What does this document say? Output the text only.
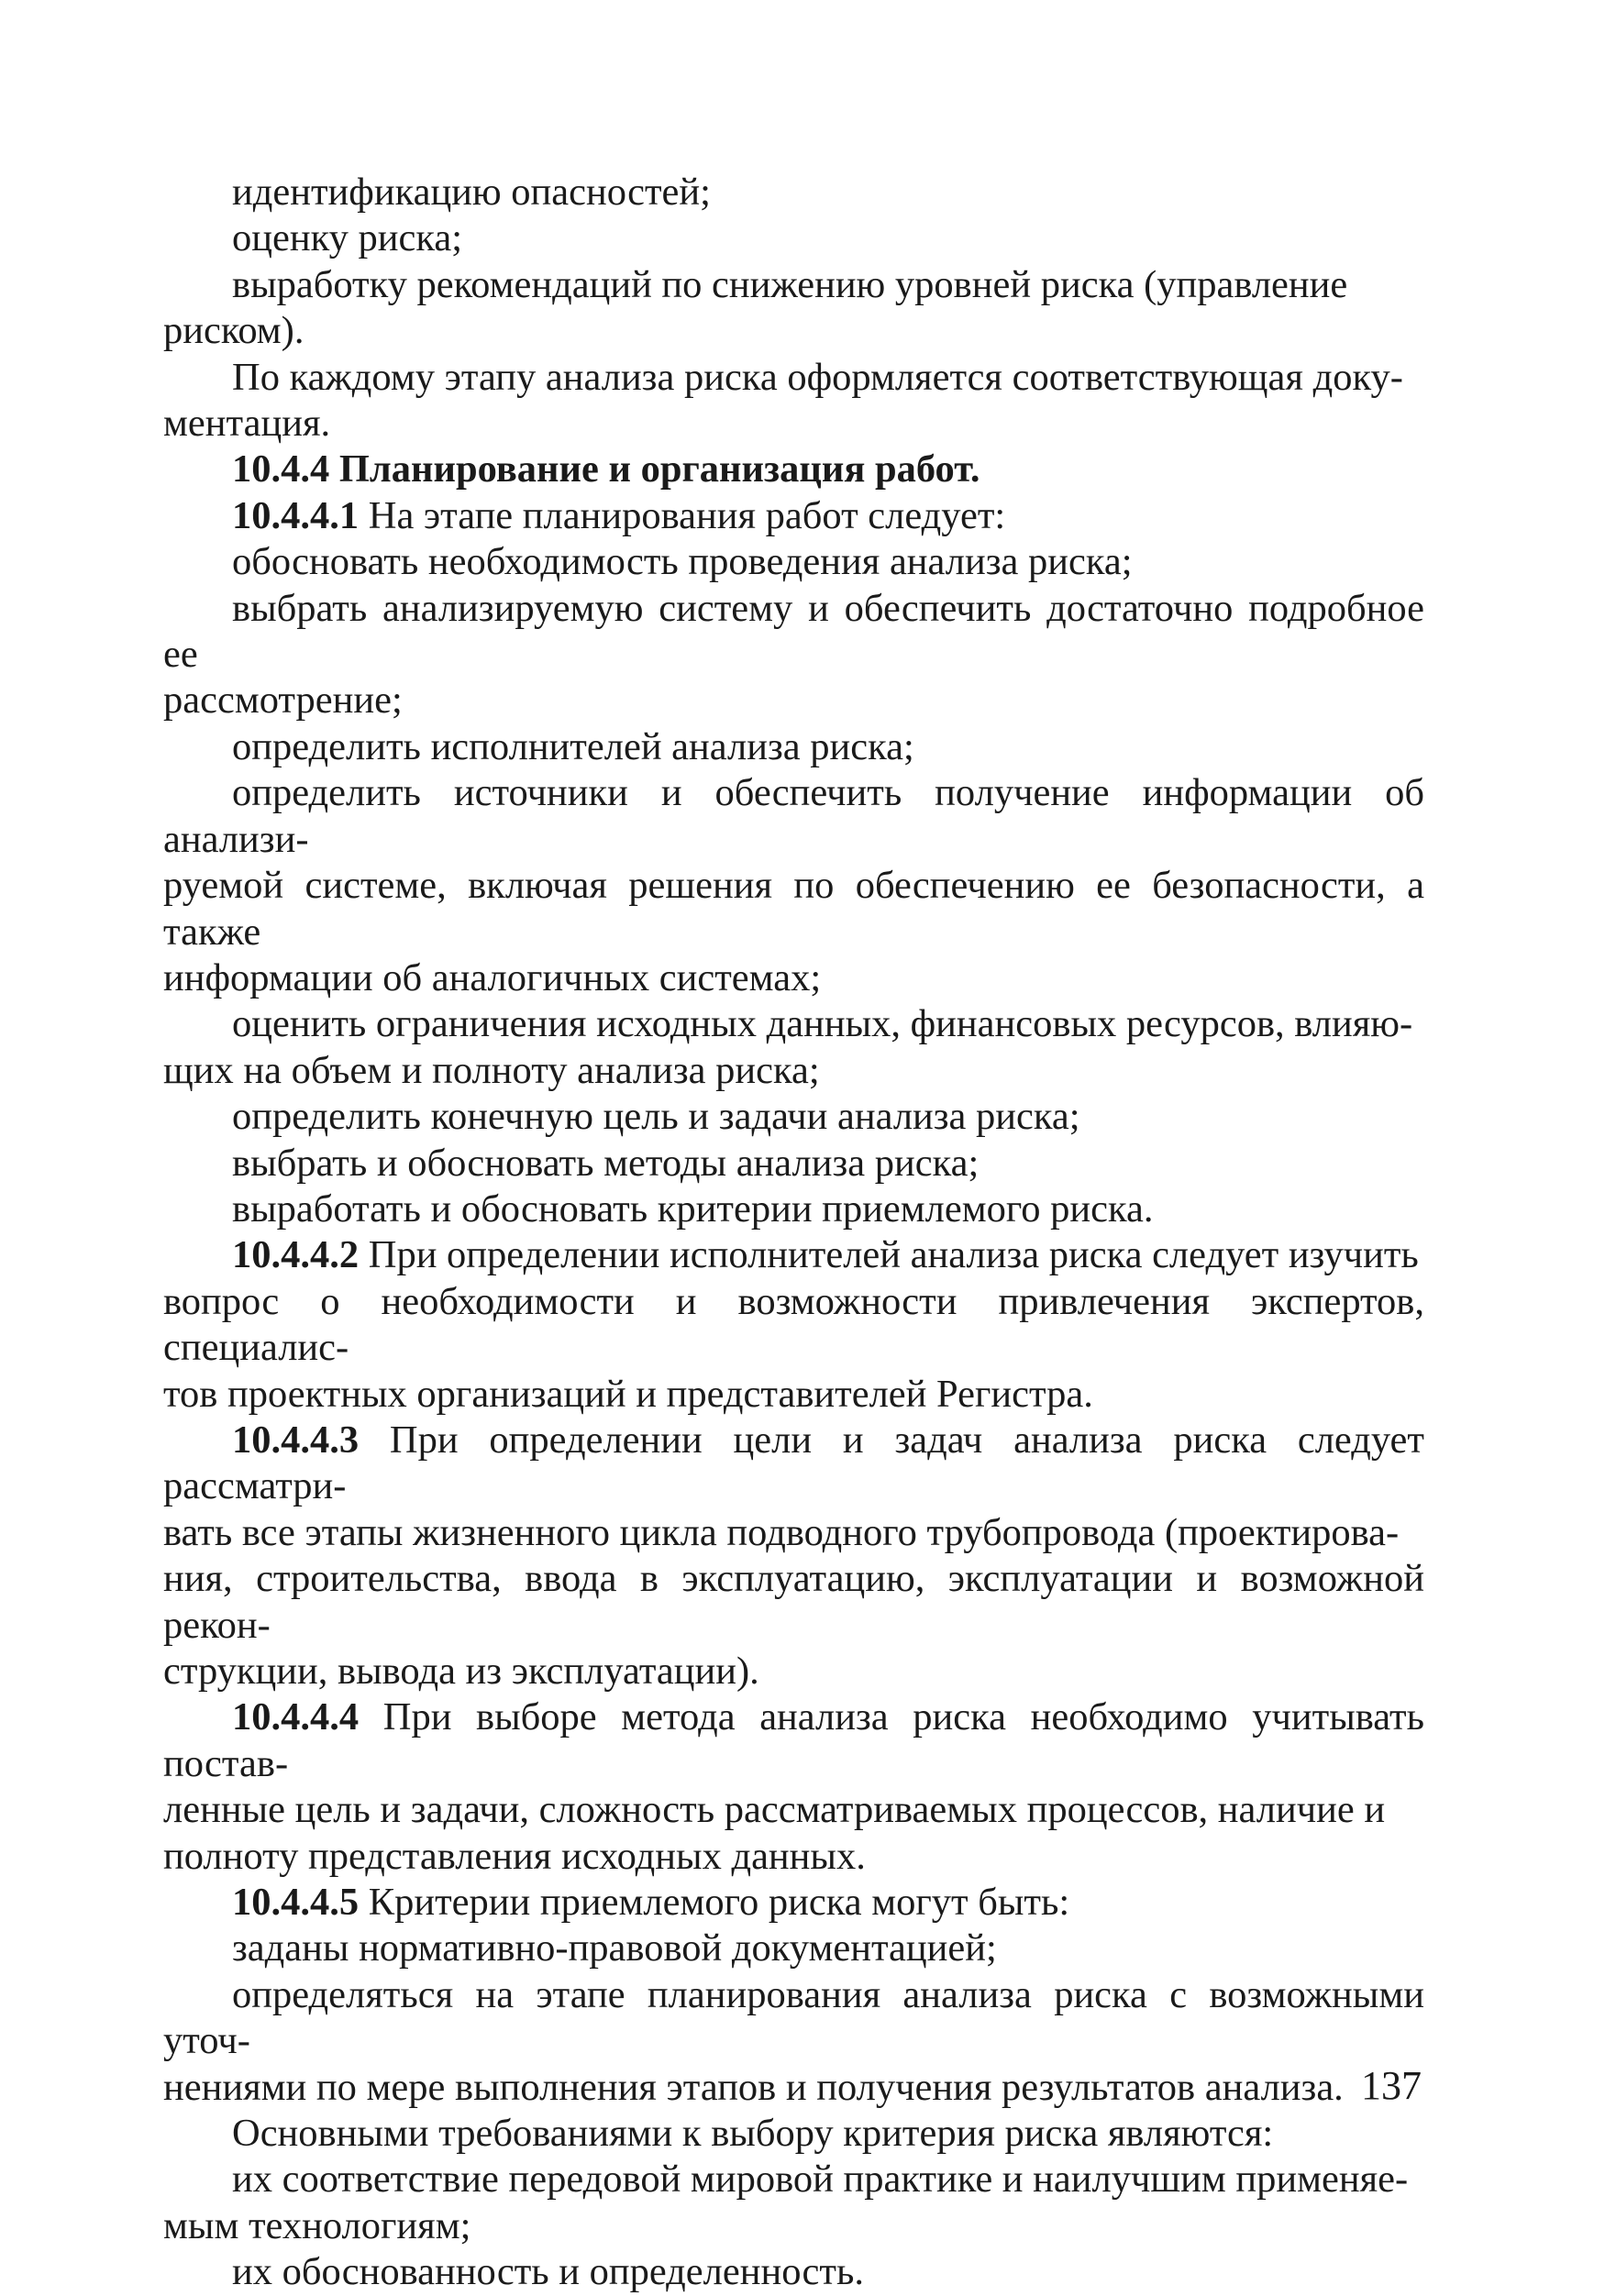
идентификацию опасностей;

оценку риска;

выработку рекомендаций по снижению уровней риска (управление
риском).

По каждому этапу анализа риска оформляется соответствующая доку-
ментация.

10.4.4 Планирование и организация работ.

10.4.4.1 На этапе планирования работ следует:

обосновать необходимость проведения анализа риска;

выбрать анализируемую систему и обеспечить достаточно подробное ее
рассмотрение;

определить исполнителей анализа риска;

определить источники и обеспечить получение информации об анализи-
руемой системе, включая решения по обеспечению ее безопасности, а также
информации об аналогичных системах;

оценить ограничения исходных данных, финансовых ресурсов, влияю-
щих на объем и полноту анализа риска;

определить конечную цель и задачи анализа риска;

выбрать и обосновать методы анализа риска;

выработать и обосновать критерии приемлемого риска.

10.4.4.2 При определении исполнителей анализа риска следует изучить
вопрос о необходимости и возможности привлечения экспертов, специалис-
тов проектных организаций и представителей Регистра.

10.4.4.3 При определении цели и задач анализа риска следует рассматри-
вать все этапы жизненного цикла подводного трубопровода (проектирова-
ния, строительства, ввода в эксплуатацию, эксплуатации и возможной рекон-
струкции, вывода из эксплуатации).

10.4.4.4 При выборе метода анализа риска необходимо учитывать постав-
ленные цель и задачи, сложность рассматриваемых процессов, наличие и
полноту представления исходных данных.

10.4.4.5 Критерии приемлемого риска могут быть:

заданы нормативно-правовой документацией;

определяться на этапе планирования анализа риска с возможными уточ-
нениями по мере выполнения этапов и получения результатов анализа.

Основными требованиями к выбору критерия риска являются:

их соответствие передовой мировой практике и наилучшим применяе-
мым технологиям;

их обоснованность и определенность.

137
